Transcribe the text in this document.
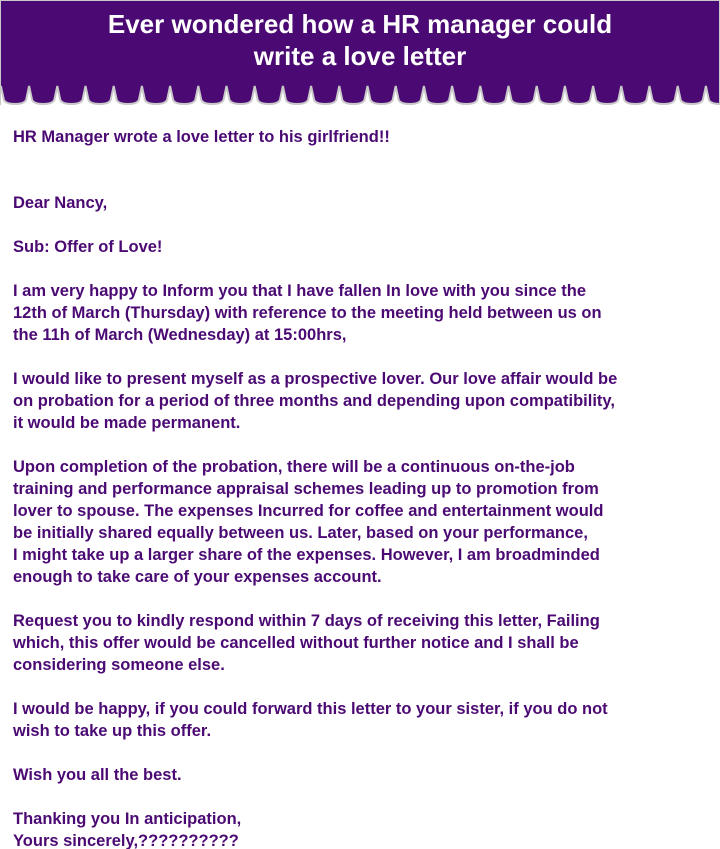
Ever wondered how a HR manager could
write a love letter

HR Manager wrote a love letter to his girlfriend!!

Dear Nancy,

Sub: Offer of Love!

I am very happy to Inform you that I have fallen In love with you since the
12th of March (Thursday) with reference to the meeting held between us on
the 11h of March (Wednesday) at 15:00hrs,

I would like to present myself as a prospective lover. Our love affair would be
on probation for a period of three months and depending upon compatibility,
it would be made permanent.

Upon completion of the probation, there will be a continuous on-the-job
training and performance appraisal schemes leading up to promotion from
lover to spouse. The expenses Incurred for coffee and entertainment would
be initially shared equally between us. Later, based on your performance,
I might take up a larger share of the expenses. However, I am broadminded
enough to take care of your expenses account.

Request you to kindly respond within 7 days of receiving this letter, Failing
which, this offer would be cancelled without further notice and I shall be
considering someone else.

I would be happy, if you could forward this letter to your sister, if you do not
wish to take up this offer.

Wish you all the best.

Thanking you In anticipation,

Yours sincerely,??????????
